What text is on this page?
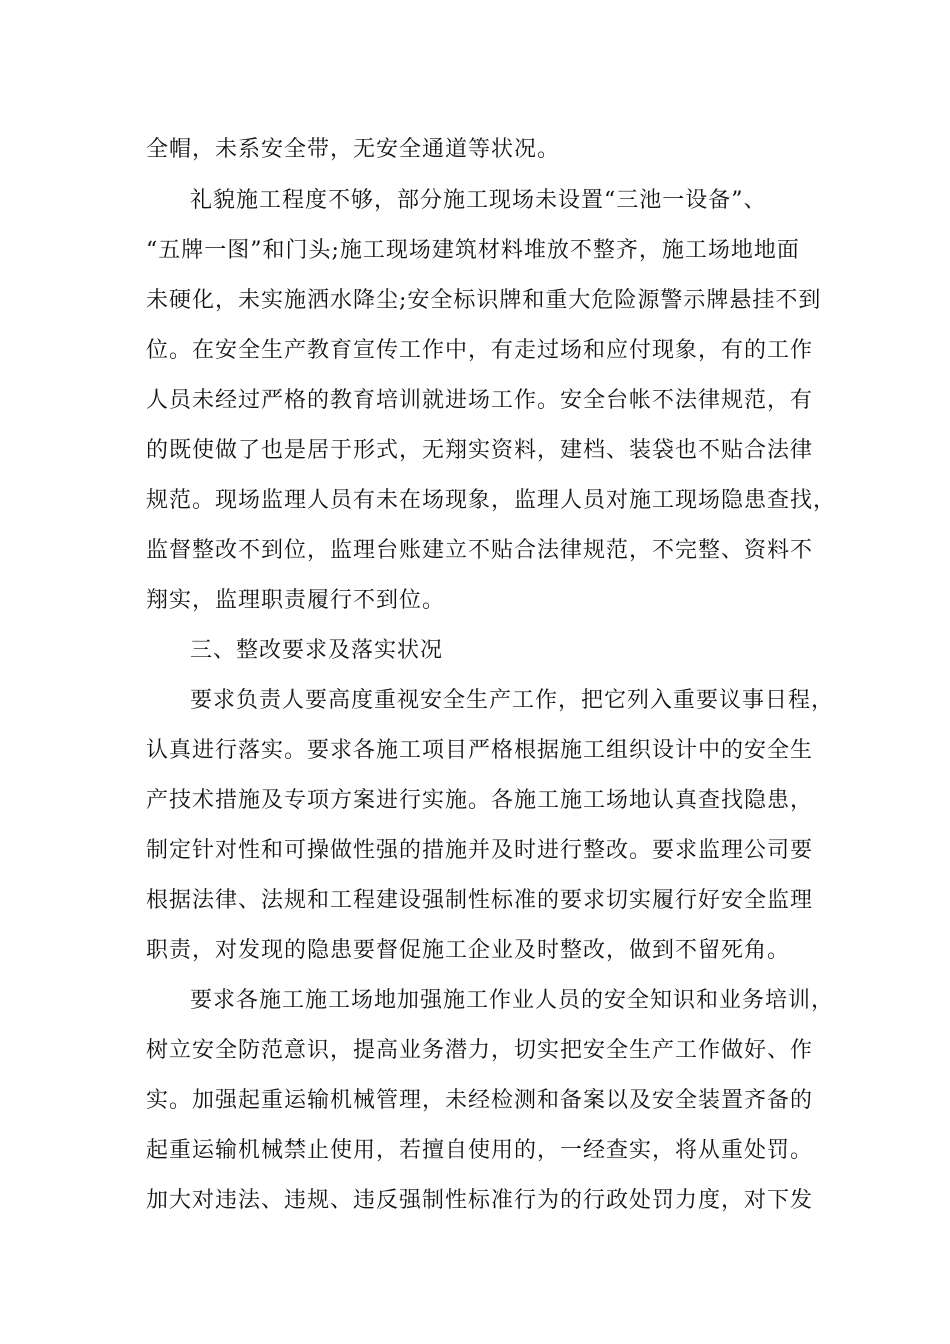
全帽，未系安全带，无安全通道等状况。
礼貌施工程度不够，部分施工现场未设置“三池一设备”、
“五牌一图”和门头;施工现场建筑材料堆放不整齐，施工场地地面
未硬化，未实施洒水降尘;安全标识牌和重大危险源警示牌悬挂不到
位。在安全生产教育宣传工作中，有走过场和应付现象，有的工作
人员未经过严格的教育培训就进场工作。安全台帐不法律规范，有
的既使做了也是居于形式，无翔实资料，建档、装袋也不贴合法律
规范。现场监理人员有未在场现象，监理人员对施工现场隐患查找，
监督整改不到位，监理台账建立不贴合法律规范，不完整、资料不
翔实，监理职责履行不到位。
三、整改要求及落实状况
要求负责人要高度重视安全生产工作，把它列入重要议事日程，
认真进行落实。要求各施工项目严格根据施工组织设计中的安全生
产技术措施及专项方案进行实施。各施工施工场地认真查找隐患，
制定针对性和可操做性强的措施并及时进行整改。要求监理公司要
根据法律、法规和工程建设强制性标准的要求切实履行好安全监理
职责，对发现的隐患要督促施工企业及时整改，做到不留死角。
要求各施工施工场地加强施工作业人员的安全知识和业务培训，
树立安全防范意识，提高业务潜力，切实把安全生产工作做好、作
实。加强起重运输机械管理，未经检测和备案以及安全装置齐备的
起重运输机械禁止使用，若擅自使用的，一经查实，将从重处罚。
加大对违法、违规、违反强制性标准行为的行政处罚力度，对下发
